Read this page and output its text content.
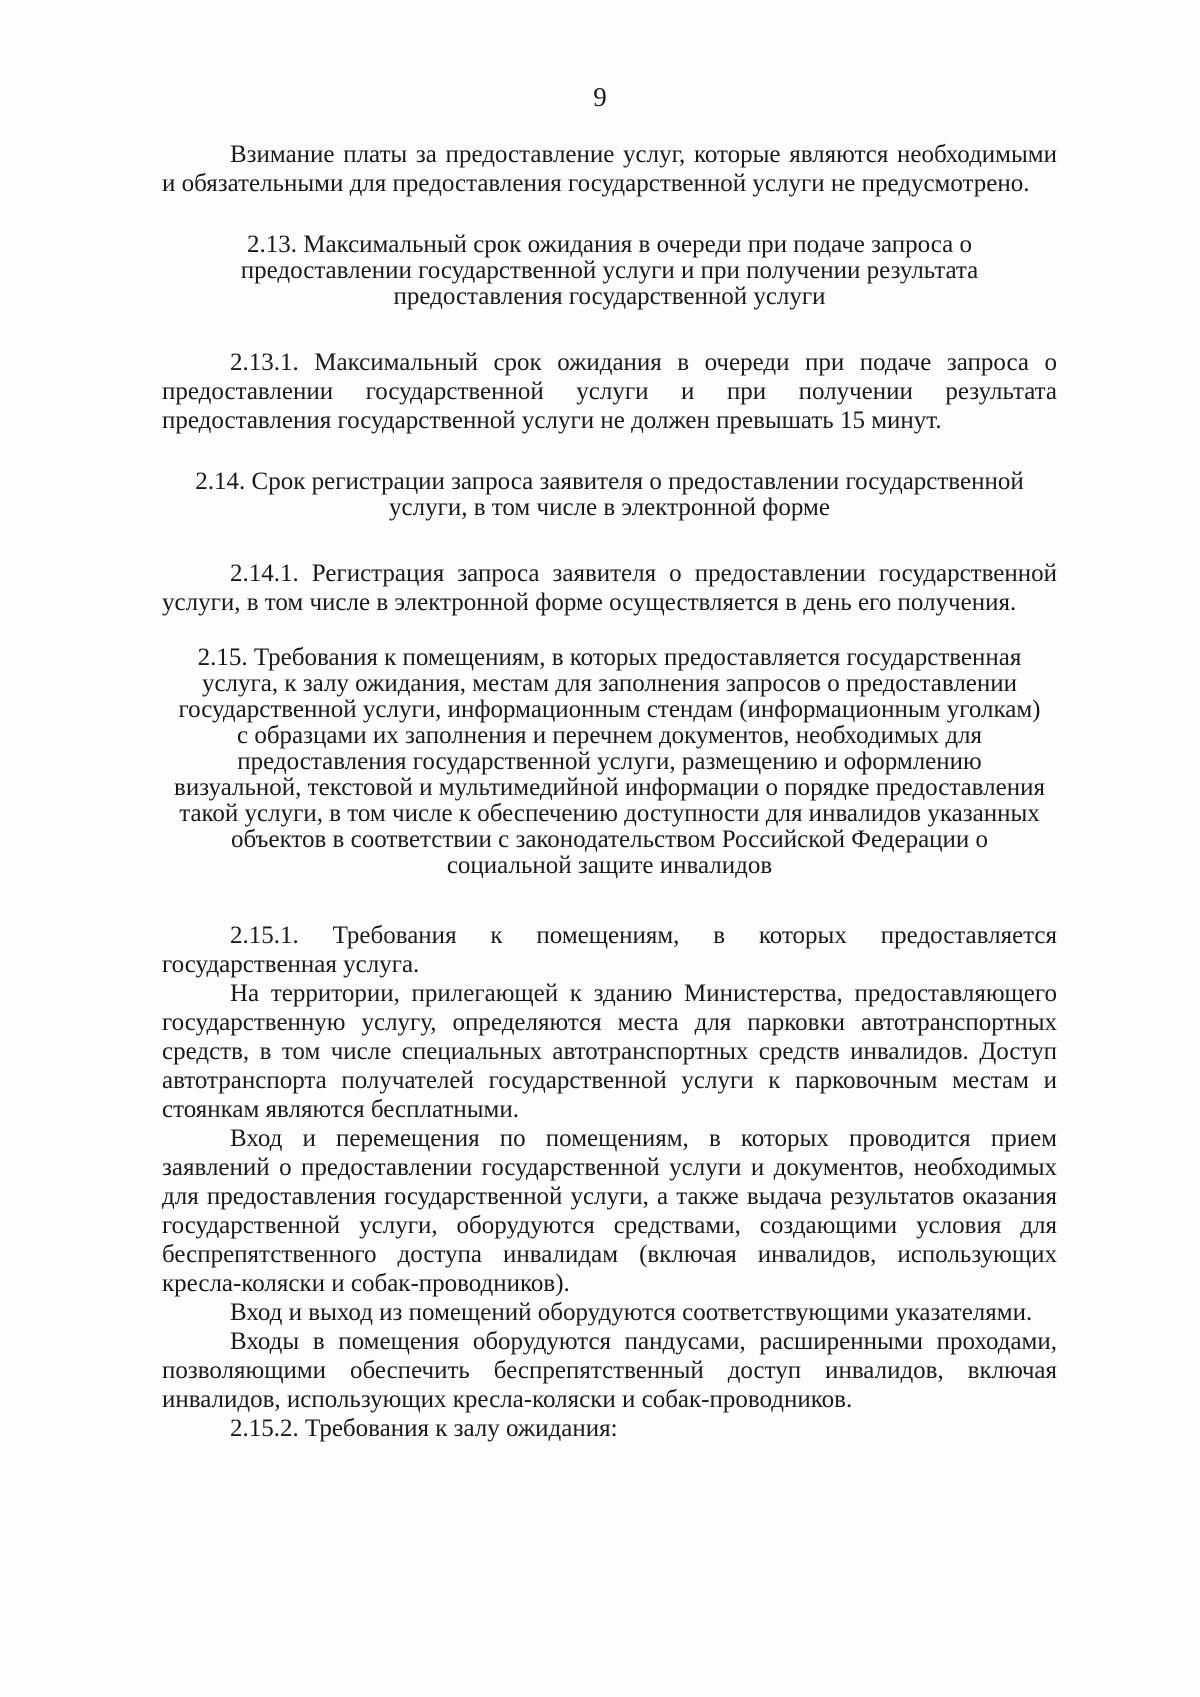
9

Взимание платы за предоставление услуг, которые являются необходимыми и обязательными для предоставления государственной услуги не предусмотрено.

2.13. Максимальный срок ожидания в очереди при подаче запроса о предоставлении государственной услуги и при получении результата предоставления государственной услуги

2.13.1. Максимальный срок ожидания в очереди при подаче запроса о предоставлении государственной услуги и при получении результата предоставления государственной услуги не должен превышать 15 минут.

2.14. Срок регистрации запроса заявителя о предоставлении государственной услуги, в том числе в электронной форме

2.14.1. Регистрация запроса заявителя о предоставлении государственной услуги, в том числе в электронной форме осуществляется в день его получения.

2.15. Требования к помещениям, в которых предоставляется государственная услуга, к залу ожидания, местам для заполнения запросов о предоставлении государственной услуги, информационным стендам (информационным уголкам) с образцами их заполнения и перечнем документов, необходимых для предоставления государственной услуги, размещению и оформлению визуальной, текстовой и мультимедийной информации о порядке предоставления такой услуги, в том числе к обеспечению доступности для инвалидов указанных объектов в соответствии с законодательством Российской Федерации о социальной защите инвалидов

2.15.1. Требования к помещениям, в которых предоставляется государственная услуга.

На территории, прилегающей к зданию Министерства, предоставляющего государственную услугу, определяются места для парковки автотранспортных средств, в том числе специальных автотранспортных средств инвалидов. Доступ автотранспорта получателей государственной услуги к парковочным местам и стоянкам являются бесплатными.

Вход и перемещения по помещениям, в которых проводится прием заявлений о предоставлении государственной услуги и документов, необходимых для предоставления государственной услуги, а также выдача результатов оказания государственной услуги, оборудуются средствами, создающими условия для беспрепятственного доступа инвалидам (включая инвалидов, использующих кресла-коляски и собак-проводников).

Вход и выход из помещений оборудуются соответствующими указателями.

Входы в помещения оборудуются пандусами, расширенными проходами, позволяющими обеспечить беспрепятственный доступ инвалидов, включая инвалидов, использующих кресла-коляски и собак-проводников.

2.15.2. Требования к залу ожидания:
